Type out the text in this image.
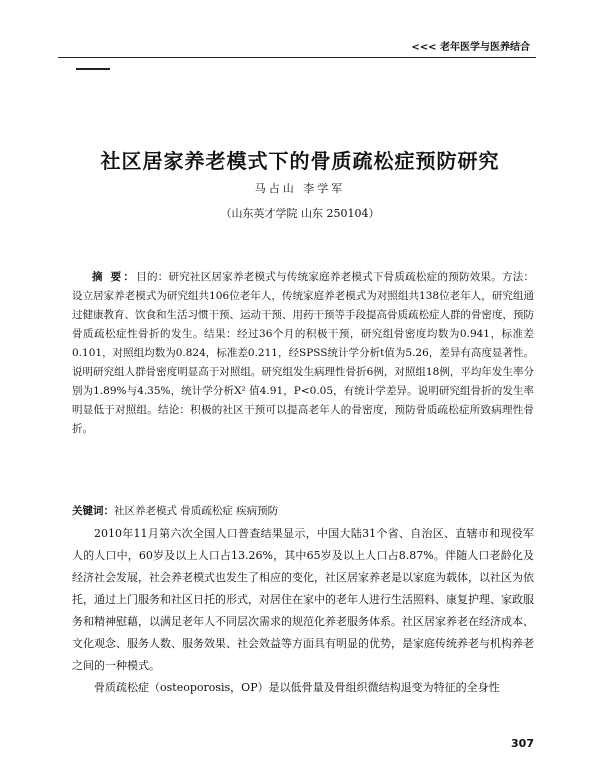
<<< 老年医学与医养结合
社区居家养老模式下的骨质疏松症预防研究
马占山 李学军
（山东英才学院 山东 250104）
摘 要：目的：研究社区居家养老模式与传统家庭养老模式下骨质疏松症的预防效果。方法：设立居家养老模式为研究组共106位老年人，传统家庭养老模式为对照组共138位老年人，研究组通过健康教育、饮食和生活习惯干预、运动干预、用药干预等手段提高骨质疏松症人群的骨密度，预防骨质疏松症性骨折的发生。结果：经过36个月的积极干预，研究组骨密度均数为0.941，标准差0.101，对照组均数为0.824，标准差0.211，经SPSS统计学分析t值为5.26，差异有高度显著性。说明研究组人群骨密度明显高于对照组。研究组发生病理性骨折6例，对照组18例，平均年发生率分别为1.89%与4.35%，统计学分析X² 值4.91，P<0.05，有统计学差异。说明研究组骨折的发生率明显低于对照组。结论：积极的社区干预可以提高老年人的骨密度，预防骨质疏松症所致病理性骨折。
关键词：社区养老模式 骨质疏松症 疾病预防

2010年11月第六次全国人口普查结果显示，中国大陆31个省、自治区、直辖市和现役军人的人口中，60岁及以上人口占13.26%，其中65岁及以上人口占8.87%。伴随人口老龄化及经济社会发展，社会养老模式也发生了相应的变化，社区居家养老是以家庭为载体，以社区为依托，通过上门服务和社区日托的形式，对居住在家中的老年人进行生活照料、康复护理、家政服务和精神慰藉，以满足老年人不同层次需求的规范化养老服务体系。社区居家养老在经济成本、文化观念、服务人数、服务效果、社会效益等方面具有明显的优势，是家庭传统养老与机构养老之间的一种模式。

骨质疏松症（osteoporosis，OP）是以低骨量及骨组织微结构退变为特征的全身性

307
